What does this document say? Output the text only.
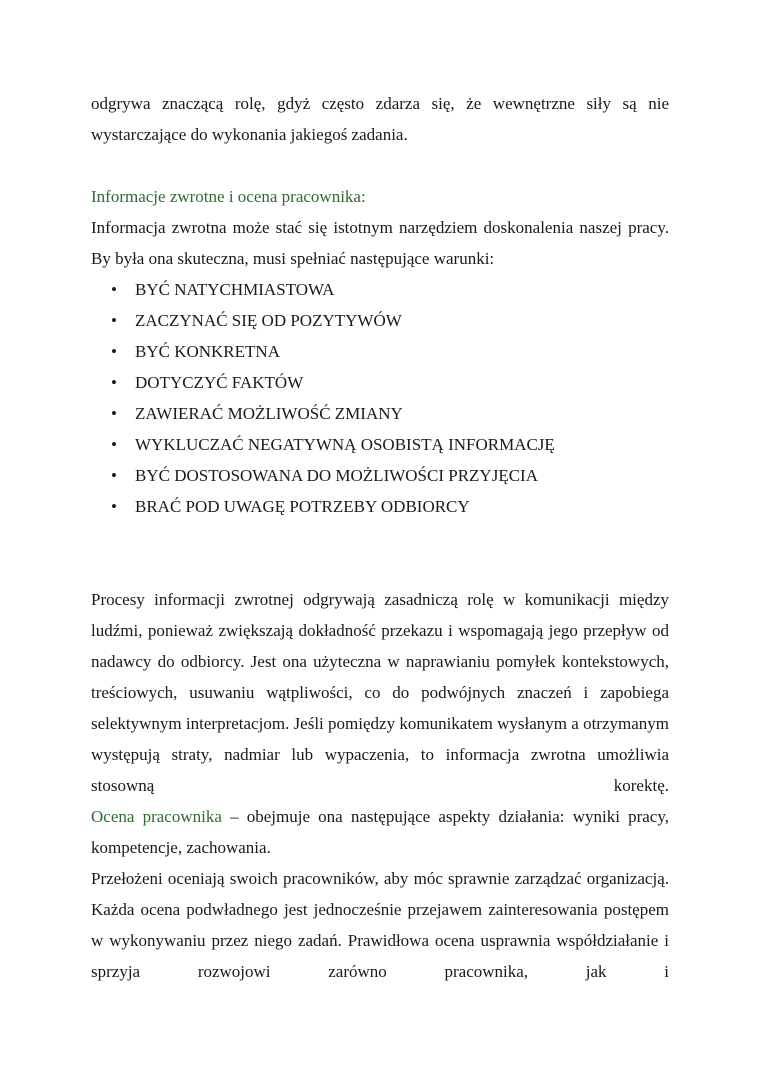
odgrywa znaczącą rolę, gdyż często zdarza się, że wewnętrzne siły są nie wystarczające do wykonania jakiegoś zadania.

Informacje zwrotne i ocena pracownika:

Informacja zwrotna może stać się istotnym narzędziem doskonalenia naszej pracy. By była ona skuteczna, musi spełniać następujące warunki:

• BYĆ NATYCHMIASTOWA
• ZACZYNAĆ SIĘ OD POZYTYWÓW
• BYĆ KONKRETNA
• DOTYCZYĆ FAKTÓW
• ZAWIERAĆ MOŻLIWOŚĆ ZMIANY
• WYKLUCZAĆ NEGATYWNĄ OSOBISTĄ INFORMACJĘ
• BYĆ DOSTOSOWANA DO MOŻLIWOŚCI PRZYJĘCIA
• BRAĆ POD UWAGĘ POTRZEBY ODBIORCY

Procesy informacji zwrotnej odgrywają zasadniczą rolę w komunikacji między ludźmi, ponieważ zwiększają dokładność przekazu i wspomagają jego przepływ od nadawcy do odbiorcy. Jest ona użyteczna w naprawianiu pomyłek kontekstowych, treściowych, usuwaniu wątpliwości, co do podwójnych znaczeń i zapobiega selektywnym interpretacjom. Jeśli pomiędzy komunikatem wysłanym a otrzymanym występują straty, nadmiar lub wypaczenia, to informacja zwrotna umożliwia stosowną korektę.

Ocena pracownika – obejmuje ona następujące aspekty działania: wyniki pracy, kompetencje, zachowania.

Przełożeni oceniają swoich pracowników, aby móc sprawnie zarządzać organizacją. Każda ocena podwładnego jest jednocześnie przejawem zainteresowania postępem w wykonywaniu przez niego zadań. Prawidłowa ocena usprawnia współdziałanie i sprzyja rozwojowi zarówno pracownika, jak i
